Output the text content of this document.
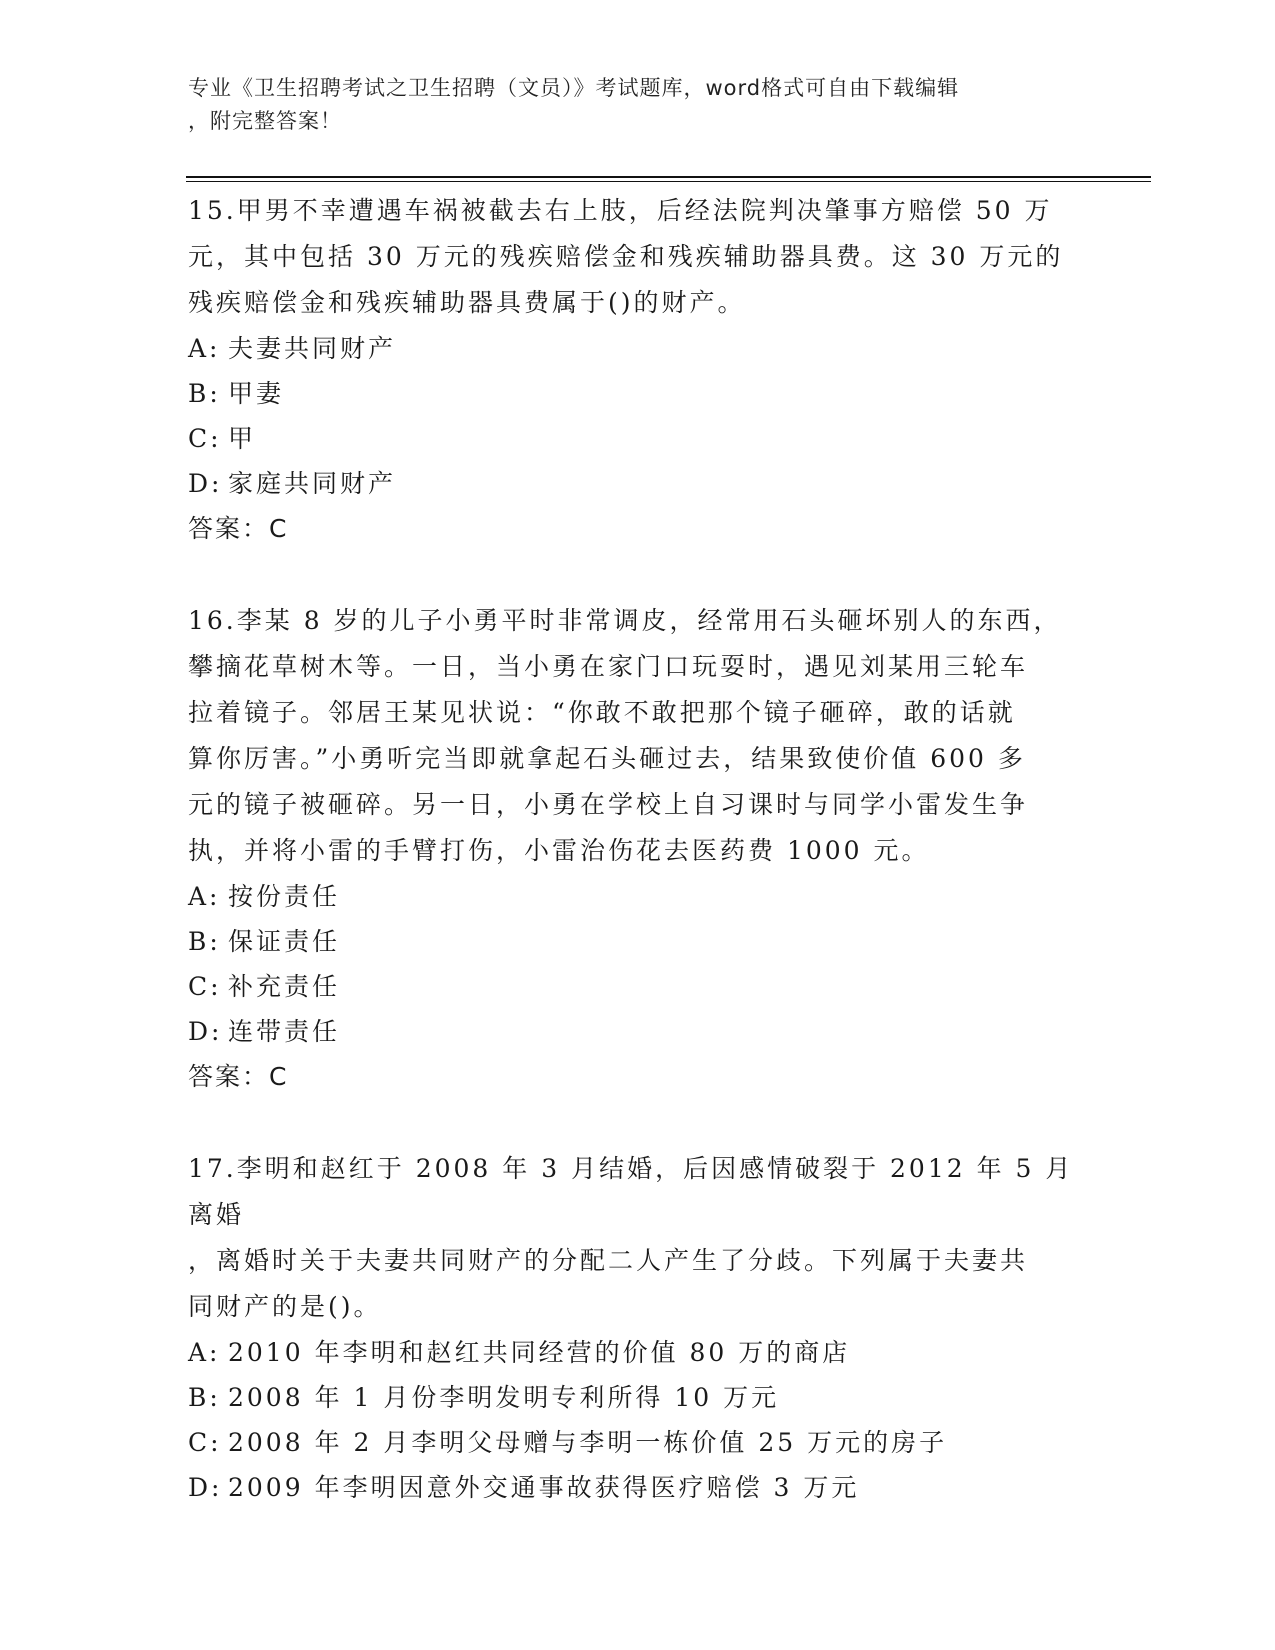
专业《卫生招聘考试之卫生招聘（文员）》考试题库，word格式可自由下载编辑
，附完整答案！

15.甲男不幸遭遇车祸被截去右上肢，后经法院判决肇事方赔偿 50 万

元，其中包括 30 万元的残疾赔偿金和残疾辅助器具费。这 30 万元的

残疾赔偿金和残疾辅助器具费属于()的财产。

A: 夫妻共同财产

B: 甲妻

C: 甲

D: 家庭共同财产

答案：C

16.李某 8 岁的儿子小勇平时非常调皮，经常用石头砸坏别人的东西，

攀摘花草树木等。一日，当小勇在家门口玩耍时，遇见刘某用三轮车

拉着镜子。邻居王某见状说：“你敢不敢把那个镜子砸碎，敢的话就

算你厉害。”小勇听完当即就拿起石头砸过去，结果致使价值 600 多

元的镜子被砸碎。另一日，小勇在学校上自习课时与同学小雷发生争

执，并将小雷的手臂打伤，小雷治伤花去医药费 1000 元。

A: 按份责任

B: 保证责任

C: 补充责任

D: 连带责任

答案：C

17.李明和赵红于 2008 年 3 月结婚，后因感情破裂于 2012 年 5 月离婚

，离婚时关于夫妻共同财产的分配二人产生了分歧。下列属于夫妻共

同财产的是()。

A: 2010 年李明和赵红共同经营的价值 80 万的商店

B: 2008 年 1 月份李明发明专利所得 10 万元

C: 2008 年 2 月李明父母赠与李明一栋价值 25 万元的房子

D: 2009 年李明因意外交通事故获得医疗赔偿 3 万元
